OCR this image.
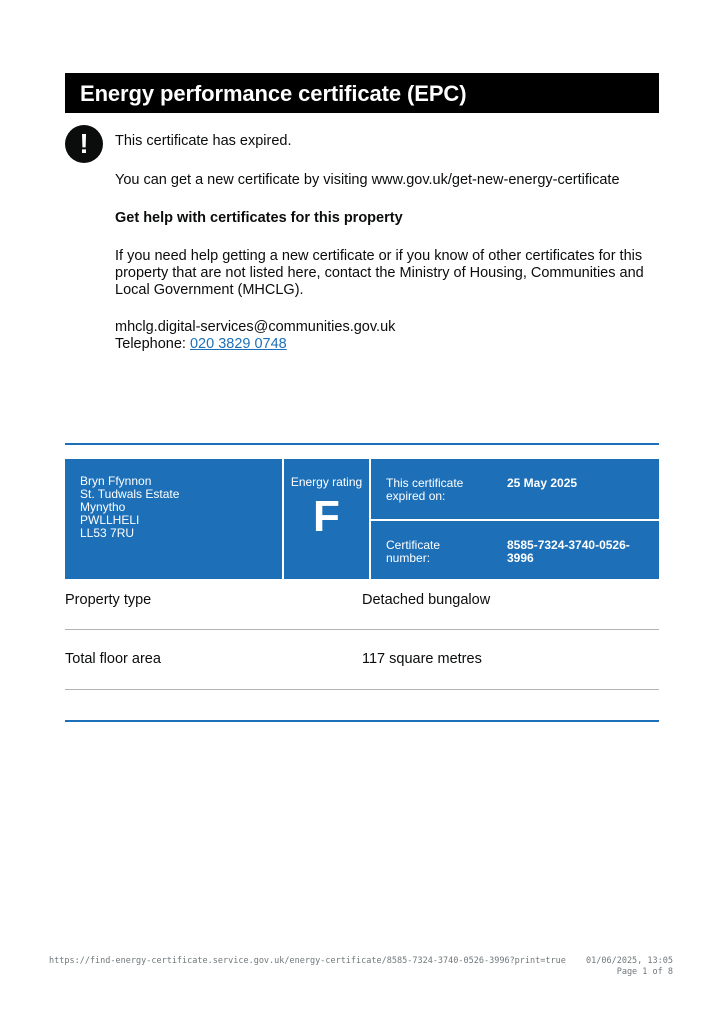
Energy performance certificate (EPC)
!	This certificate has expired.

You can get a new certificate by visiting www.gov.uk/get-new-energy-certificate

Get help with certificates for this property

If you need help getting a new certificate or if you know of other certificates for this property that are not listed here, contact the Ministry of Housing, Communities and Local Government (MHCLG).

mhclg.digital-services@communities.gov.uk

Telephone: 020 3829 0748

Bryn Ffynnon
St. Tudwals Estate
Mynytho
PWLLHELI
LL53 7RU
Energy rating
F
This certificate expired on:
25 May 2025
Certificate number:
8585-7324-3740-0526-3996
Property type	Detached bungalow
Total floor area	117 square metres
https://find-energy-certificate.service.gov.uk/energy-certificate/8585-7324-3740-0526-3996?print=true 01/06/2025, 13:05
Page 1 of 8
